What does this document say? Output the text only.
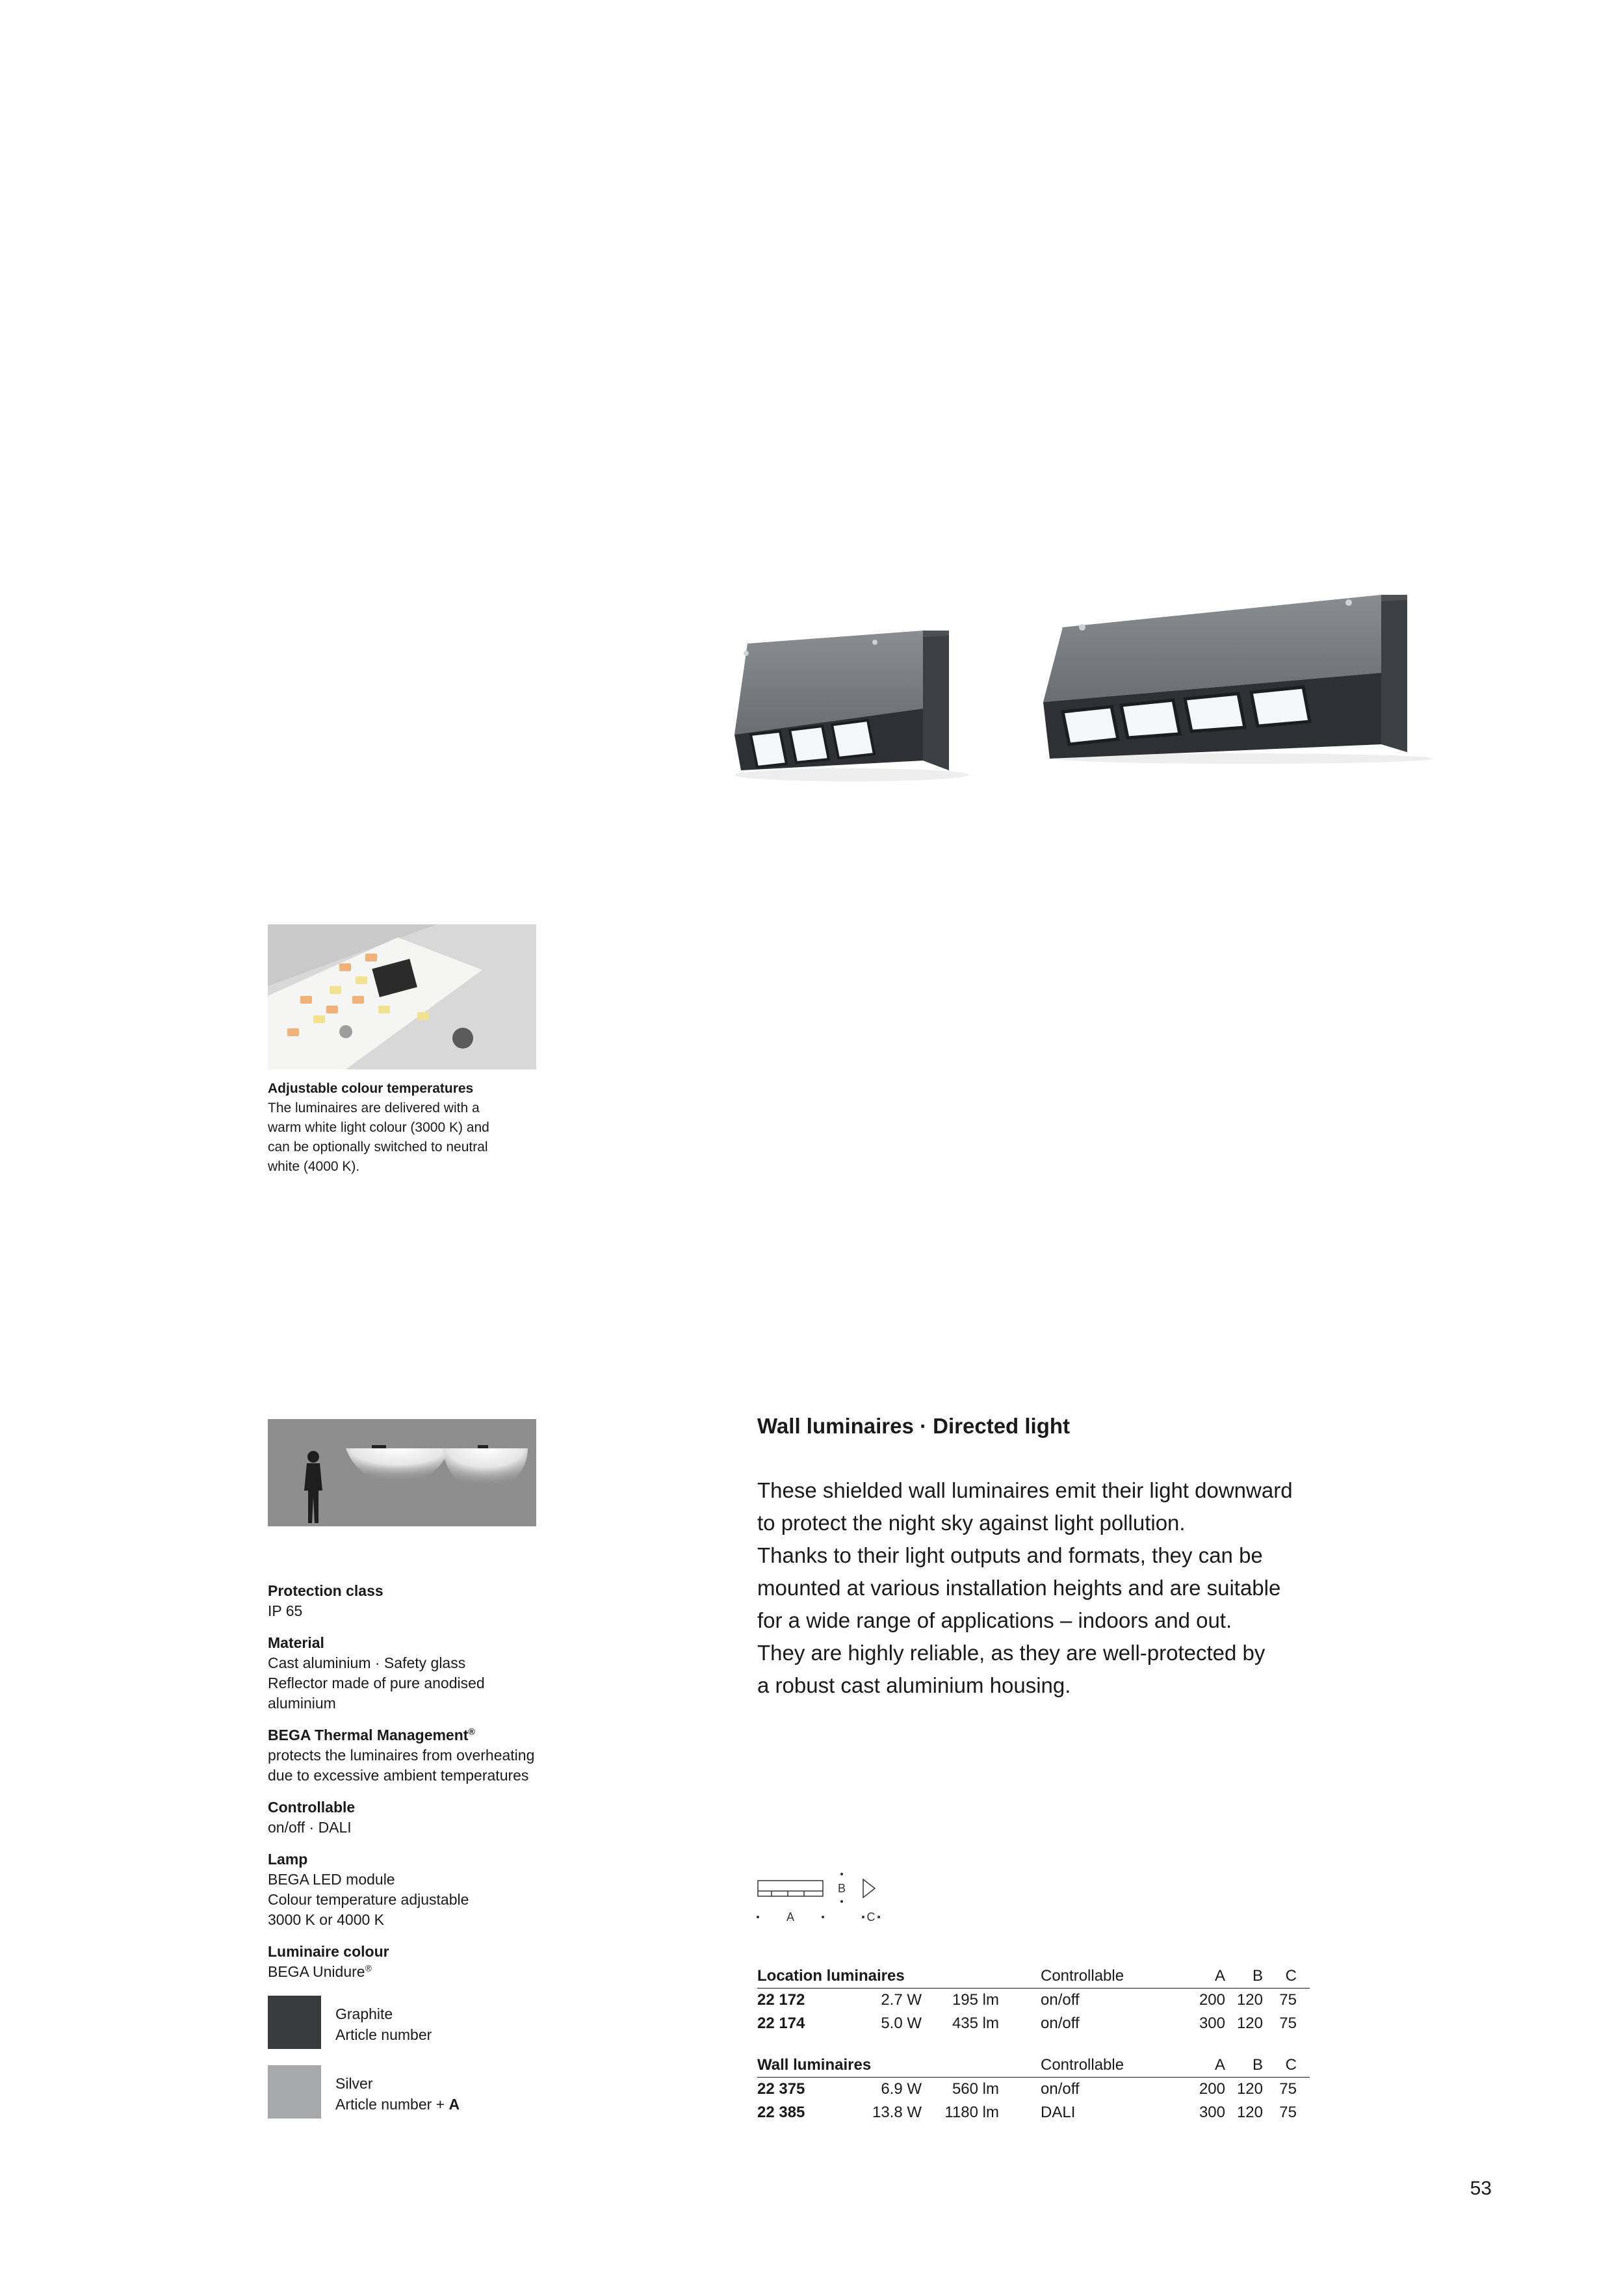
Adjustable colour temperatures
The luminaires are delivered with a
warm white light colour (3000 K) and
can be optionally switched to neutral
white (4000 K).
Protection class
IP 65
Material
Cast aluminium · Safety glass
Reflector made of pure anodised
aluminium
BEGA Thermal Management®
protects the luminaires from overheating
due to excessive ambient temperatures
Controllable
on/off · DALI
Lamp
BEGA LED module
Colour temperature adjustable
3000 K or 4000 K
Luminaire colour
BEGA Unidure®
Graphite
Article number
Silver
Article number + A
Wall luminaires · Directed light

These shielded wall luminaires emit their light downward

to protect the night sky against light pollution.

Thanks to their light outputs and formats, they can be

mounted at various installation heights and are suitable

for a wide range of applications – indoors and out.

They are highly reliable, as they are well-protected by

a robust cast aluminium housing.

A
B
C
Location luminaires	Controllable	A B C
22 172	2.7 W 195 lm	on/off	200 120 75
22 174	5.0 W 435 lm	on/off	300 120 75
Wall luminaires	Controllable	A B C
22 375	6.9 W 560 lm	on/off	200 120 75
22 385	13.8 W 1180 lm	DALI	300 120 75
53
